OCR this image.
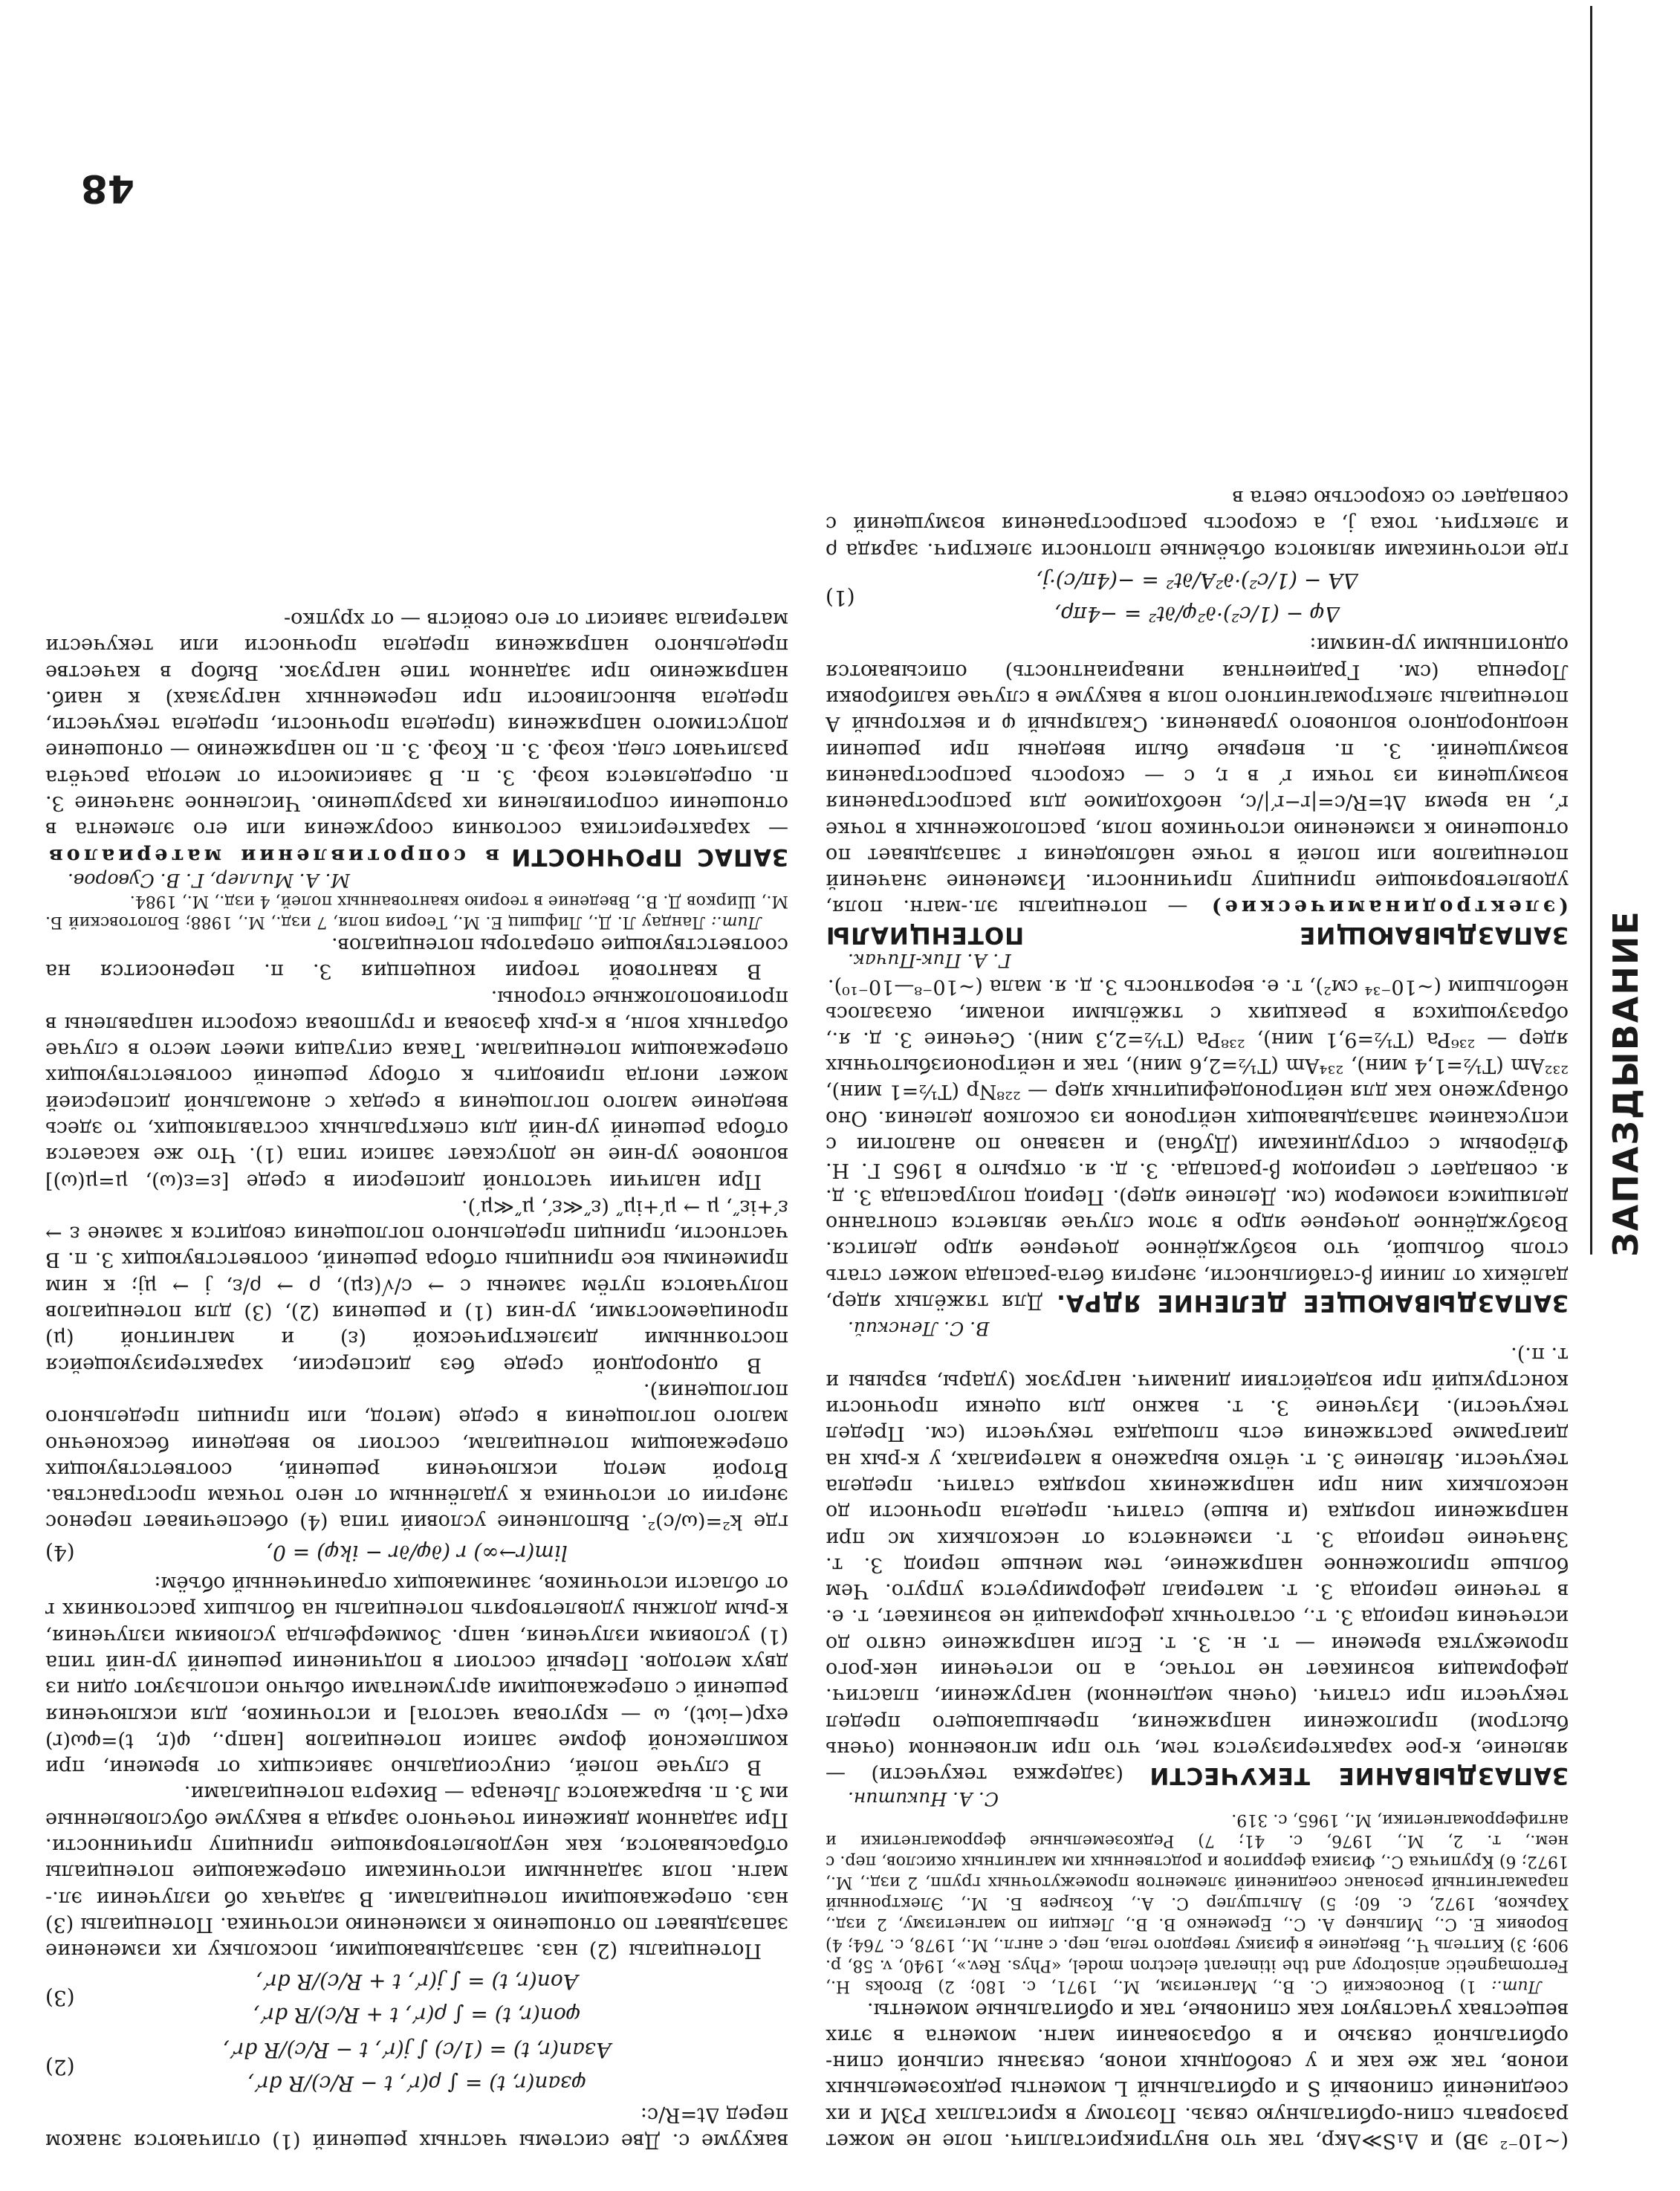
ЗАПАЗДЫВАНИЕ
48

(~10⁻² эВ) и Δ₁S≫Δкр, так что внутрикристаллич. поле не может разорвать спин-орбитальную связь. Поэтому в кристаллах РЗМ и их соединений спиновый S и орбитальный L моменты редкоземельных ионов, так же как и у свободных ионов, связаны сильной спин-орбитальной связью и в образовании магн. момента в этих веществах участвуют как спиновые, так и орбитальные моменты.

Лит.: 1) Вонсовский С. В., Магнетизм, М., 1971, с. 180; 2) Brooks H., Ferromagnetic anisotropy and the itinerant electron model, «Phys. Rev.», 1940, v. 58, p. 909; 3) Киттель Ч., Введение в физику твердого тела, пер. с англ., М., 1978, с. 764; 4) Боровик Е. С., Мильнер А. С., Еременко В. В., Лекции по магнетизму, 2 изд., Харьков, 1972, с. 60; 5) Альтшулер С. А., Козырев Б. М., Электронный парамагнитный резонанс соединений элементов промежуточных групп, 2 изд., М., 1972; 6) Крупичка С., Физика ферритов и родственных им магнитных окислов, пер. с нем., т. 2, М., 1976, с. 41; 7) Редкоземельные ферромагнетики и антиферромагнетики, М., 1965, с. 319.
С. А. Никитин.

ЗАПАЗДЫВАНИЕ ТЕКУЧЕСТИ (задержка текучести) — явление, к-рое характеризуется тем, что при мгновенном (очень быстром) приложении напряжения, превышающего предел текучести при статич. (очень медленном) нагружении, пластич. деформация возникает не тотчас, а по истечении нек-рого промежутка времени — т. н. З. т. Если напряжение снято до истечения периода З. т., остаточных деформаций не возникает, т. е. в течение периода З. т. материал деформируется упруго. Чем больше приложенное напряжение, тем меньше период З. т. Значение периода З. т. изменяется от нескольких мс при напряжении порядка (и выше) статич. предела прочности до нескольких мин при напряжениях порядка статич. предела текучести. Явление З. т. чётко выражено в материалах, у к-рых на диаграмме растяжения есть площадка текучести (см. Предел текучести). Изучение З. т. важно для оценки прочности конструкций при воздействии динамич. нагрузок (удары, взрывы и т. п.).
В. С. Ленский.

ЗАПАЗДЫВАЮЩЕЕ ДЕЛЕНИЕ ЯДРА. Для тяжёлых ядер, далёких от линии β-стабильности, энергия бета-распада может стать столь большой, что возбуждённое дочернее ядро делится. Возбуждённое дочернее ядро в этом случае является спонтанно делящимся изомером (см. Деление ядер). Период полураспада З. д. я. совпадает с периодом β-распада. З. д. я. открыто в 1965 Г. Н. Флёровым с сотрудниками (Дубна) и названо по аналогии с испусканием запаздывающих нейтронов из осколков деления. Оно обнаружено как для нейтронодефицитных ядер — ²²⁸Np (T½=1 мин), ²³²Am (T½=1,4 мин), ²³⁴Am (T½=2,6 мин), так и нейтроноизбыточных ядер — ²³⁶Pa (T½=9,1 мин), ²³⁸Pa (T½=2,3 мин). Сечение З. д. я., образующихся в реакциях с тяжёлыми ионами, оказалось небольшим (~10⁻³⁴ см²), т. е. вероятность З. д. я. мала (~10⁻⁸—10⁻¹⁰).
Г. А. Пик-Пичак.

ЗАПАЗДЫВАЮЩИЕ ПОТЕНЦИАЛЫ (электродинамические) — потенциалы эл.-магн. поля, удовлетворяющие принципу причинности. Изменение значений потенциалов или полей в точке наблюдения r запаздывает по отношению к изменению источников поля, расположенных в точке r′, на время Δt=R/c=|r−r′|/c, необходимое для распространения возмущения из точки r′ в r, c — скорость распространения возмущений. З. п. впервые были введены при решении неоднородного волнового уравнения. Скалярный φ и векторный A потенциалы электромагнитного поля в вакууме в случае калибровки Лоренца (см. Градиентная инвариантность) описываются однотипными ур-ниями:

Δφ − (1/c²)·∂²φ/∂t² = −4πρ,
ΔA − (1/c²)·∂²A/∂t² = −(4π/c)·j,
(1)

где источниками являются объёмные плотности электрич. заряда ρ и электрич. тока j, а скорость распространения возмущений c совпадает со скоростью света в

вакууме c. Две системы частных решений (1) отличаются знаком перед Δt=R/c:

φзап(r, t) = ∫ ρ(r′, t − R/c)/R dr′,
Aзап(r, t) = (1/c) ∫ j(r′, t − R/c)/R dr′,
(2)
φоп(r, t) = ∫ ρ(r′, t + R/c)/R dr′,
Aоп(r, t) = ∫ j(r′, t + R/c)/R dr′,
(3)

Потенциалы (2) наз. запаздывающими, поскольку их изменение запаздывает по отношению к изменению источника. Потенциалы (3) наз. опережающими потенциалами. В задачах об излучении эл.-магн. поля заданными источниками опережающие потенциалы отбрасываются, как неудовлетворяющие принципу причинности. При заданном движении точечного заряда в вакууме обусловленные им З. п. выражаются Льенара — Вихерта потенциалами.

В случае полей, синусоидально зависящих от времени, при комплексной форме записи потенциалов [напр., φ(r, t)=φω(r) exp(−iωt), ω — круговая частота] и источников, для исключения решений с опережающими аргументами обычно используют один из двух методов. Первый состоит в подчинении решений ур-ний типа (1) условиям излучения, напр. Зоммерфельда условиям излучения, к-рым должны удовлетворять потенциалы на больших расстояниях r от области источников, занимающих ограниченный объём:

lim(r→∞) r (∂φ/∂r − ikφ) = 0,
(4)

где k²=(ω/c)². Выполнение условий типа (4) обеспечивает перенос энергии от источника к удалённым от него точкам пространства. Второй метод исключения решений, соответствующих опережающим потенциалам, состоит во введении бесконечно малого поглощения в среде (метод, или принцип предельного поглощения).

В однородной среде без дисперсии, характеризующейся постоянными диэлектрической (ε) и магнитной (μ) проницаемостями, ур-ния (1) и решения (2), (3) для потенциалов получаются путём замены c → c/√(εμ), ρ → ρ/ε, j → μj; к ним применимы все принципы отбора решений, соответствующих З. п. В частности, принцип предельного поглощения сводится к замене ε → ε′+iε″, μ → μ′+iμ″ (ε″≪ε′, μ″≪μ′).

При наличии частотной дисперсии в среде [ε=ε(ω), μ=μ(ω)] волновое ур-ние не допускает записи типа (1). Что же касается отбора решений ур-ний для спектральных составляющих, то здесь введение малого поглощения в средах с аномальной дисперсией может иногда приводить к отбору решений соответствующих опережающим потенциалам. Такая ситуация имеет место в случае обратных волн, в к-рых фазовая и групповая скорости направлены в противоположные стороны.

В квантовой теории концепция З. п. переносится на соответствующие операторы потенциалов.

Лит.: Ландау Л. Д., Лифшиц Е. М., Теория поля, 7 изд., М., 1988; Болотовский Б. М., Ширков Д. В., Введение в теорию квантованных полей, 4 изд., М., 1984.
М. А. Миллер, Г. В. Суворов.

ЗАПАС ПРОЧНОСТИ в сопротивлении материалов — характеристика состояния сооружения или его элемента в отношении сопротивления их разрушению. Численное значение З. п. определяется коэф. З. п. В зависимости от метода расчёта различают след. коэф. З. п. Коэф. З. п. по напряжению — отношение допустимого напряжения (предела прочности, предела текучести, предела выносливости при переменных нагрузках) к наиб. напряжению при заданном типе нагрузок. Выбор в качестве предельного напряжения предела прочности или текучести материала зависит от его свойств — от хрупко-
